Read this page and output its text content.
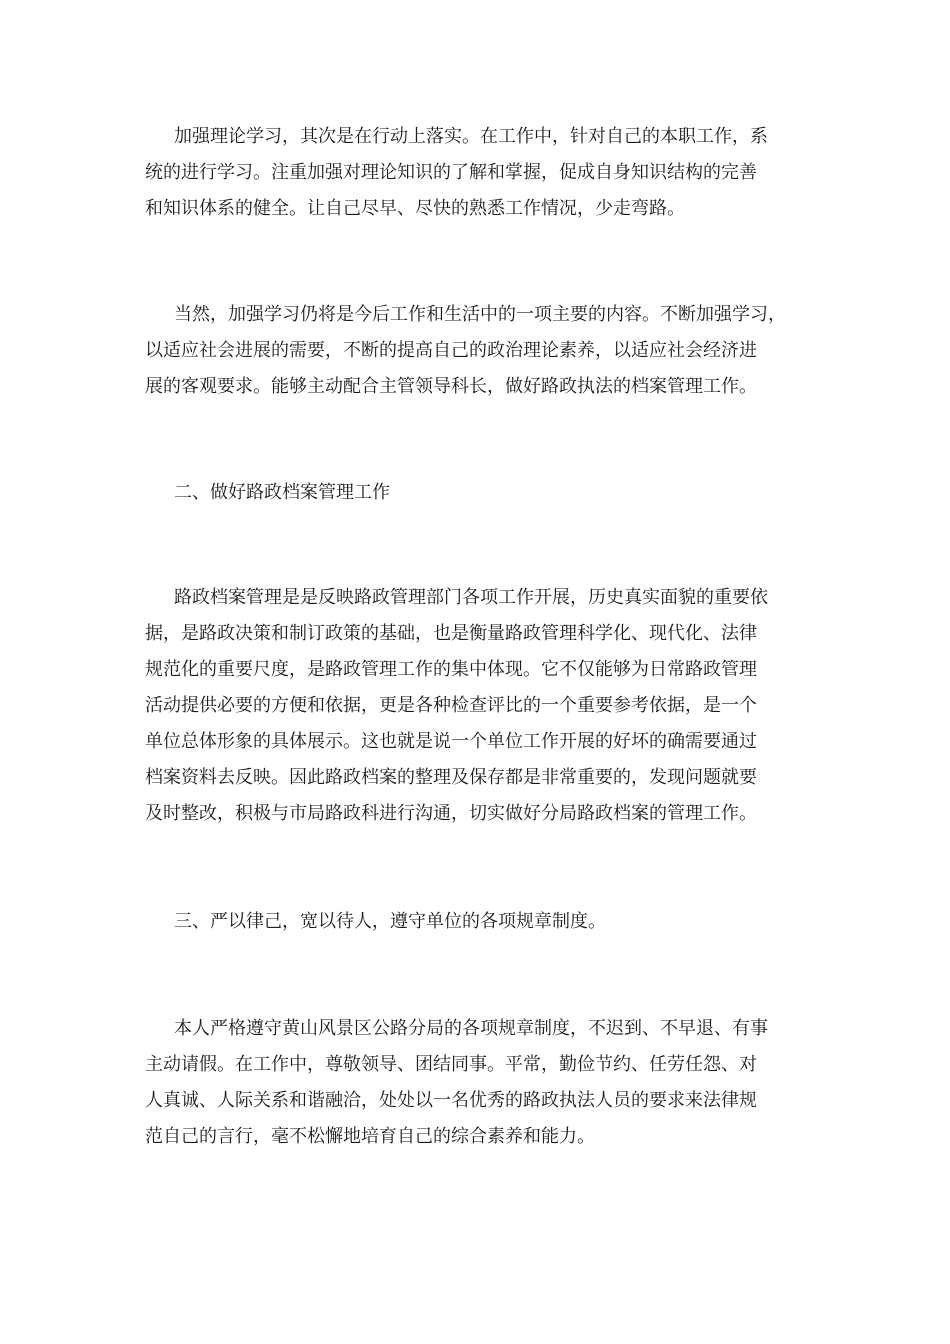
加强理论学习，其次是在行动上落实。在工作中，针对自己的本职工作，系
统的进行学习。注重加强对理论知识的了解和掌握，促成自身知识结构的完善
和知识体系的健全。让自己尽早、尽快的熟悉工作情况，少走弯路。
当然，加强学习仍将是今后工作和生活中的一项主要的内容。不断加强学习，
以适应社会进展的需要，不断的提高自己的政治理论素养，以适应社会经济进
展的客观要求。能够主动配合主管领导科长，做好路政执法的档案管理工作。
二、做好路政档案管理工作
路政档案管理是是反映路政管理部门各项工作开展，历史真实面貌的重要依
据，是路政决策和制订政策的基础，也是衡量路政管理科学化、现代化、法律
规范化的重要尺度，是路政管理工作的集中体现。它不仅能够为日常路政管理
活动提供必要的方便和依据，更是各种检查评比的一个重要参考依据，是一个
单位总体形象的具体展示。这也就是说一个单位工作开展的好坏的确需要通过
档案资料去反映。因此路政档案的整理及保存都是非常重要的，发现问题就要
及时整改，积极与市局路政科进行沟通，切实做好分局路政档案的管理工作。
三、严以律己，宽以待人，遵守单位的各项规章制度。
本人严格遵守黄山风景区公路分局的各项规章制度，不迟到、不早退、有事
主动请假。在工作中，尊敬领导、团结同事。平常，勤俭节约、任劳任怨、对
人真诚、人际关系和谐融洽，处处以一名优秀的路政执法人员的要求来法律规
范自己的言行，毫不松懈地培育自己的综合素养和能力。
